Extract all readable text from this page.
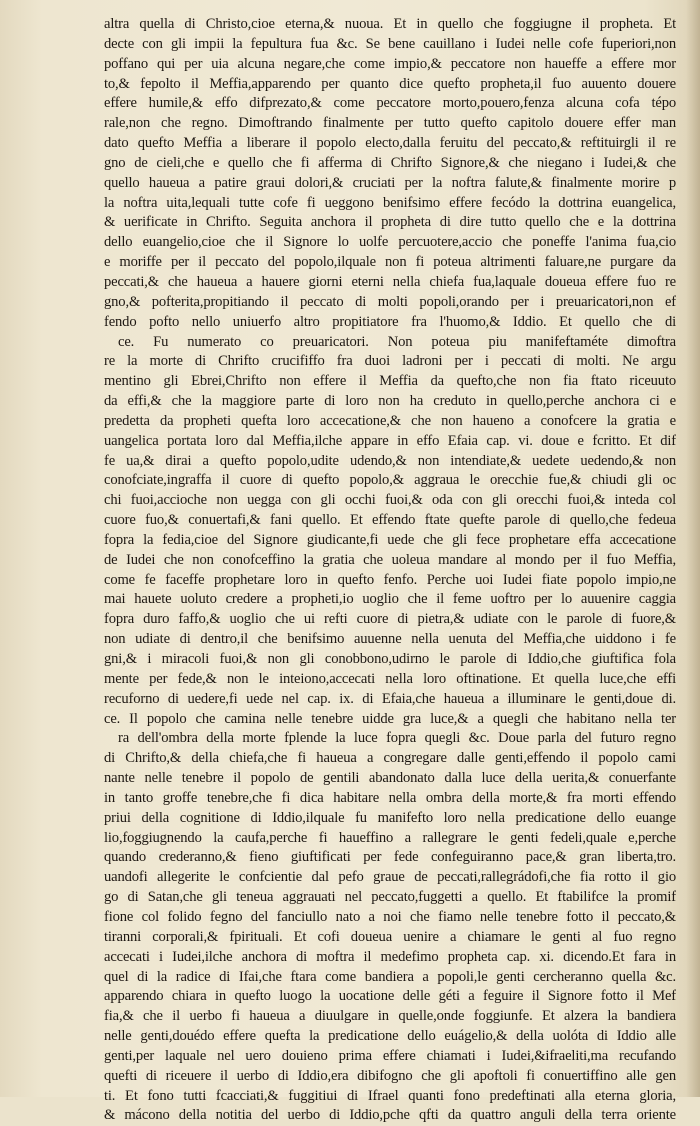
altra quella di Christo,cioe eterna,& nuoua. Et in quello che foggiugne il propheta. Et
decte con gli impii la fepultura fua &c. Se bene cauillano i Iudei nelle cofe fuperiori,non
poffano qui per uia alcuna negare,che come impio,& peccatore non haueffe a effere mor
to,& fepolto il Meffia,apparendo per quanto dice quefto propheta,il fuo auuento douere
effere humile,& effo difprezato,& come peccatore morto,pouero,fenza alcuna cofa tépo
rale,non che regno. Dimoftrando finalmente per tutto quefto capitolo douere effer man
dato quefto Meffia a liberare il popolo electo,dalla feruitu del peccato,& reftituirgli il re
gno de cieli,che e quello che fi afferma di Chrifto Signore,& che niegano i Iudei,& che
quello haueua a patire graui dolori,& cruciati per la noftra falute,& finalmente morire p
la noftra uita,lequali tutte cofe fi ueggono benifsimo effere fecódo la dottrina euangelica,
& uerificate in Chrifto. Seguita anchora il propheta di dire tutto quello che e la dottrina
dello euangelio,cioe che il Signore lo uolfe percuotere,accio che poneffe l'anima fua,cio
e moriffe per il peccato del popolo,ilquale non fi poteua altrimenti faluare,ne purgare da
peccati,& che haueua a hauere giorni eterni nella chiefa fua,laquale doueua effere fuo re
gno,& pofterita,propitiando il peccato di molti popoli,orando per i preuaricatori,non ef
fendo pofto nello uniuerfo altro propitiatore fra l'huomo,& Iddio. Et quello che di
ce. Fu numerato co preuaricatori. Non poteua piu manifeftaméte dimoftra
re la morte di Chrifto crucififfo fra duoi ladroni per i peccati di molti. Ne argu
mentino gli Ebrei,Chrifto non effere il Meffia da quefto,che non fia ftato riceuuto
da effi,& che la maggiore parte di loro non ha creduto in quello,perche anchora ci e
predetta da propheti quefta loro accecatione,& che non haueno a conofcere la gratia e
uangelica portata loro dal Meffia,ilche appare in effo Efaia cap. vi. doue e fcritto. Et dif
fe ua,& dirai a quefto popolo,udite udendo,& non intendiate,& uedete uedendo,& non
conofciate,ingraffa il cuore di quefto popolo,& aggraua le orecchie fue,& chiudi gli oc
chi fuoi,accioche non uegga con gli occhi fuoi,& oda con gli orecchi fuoi,& inteda col
cuore fuo,& conuertafi,& fani quello. Et effendo ftate quefte parole di quello,che fedeua
fopra la fedia,cioe del Signore giudicante,fi uede che gli fece prophetare effa accecatione
de Iudei che non conofceffino la gratia che uoleua mandare al mondo per il fuo Meffia,
come fe faceffe prophetare loro in quefto fenfo. Perche uoi Iudei fiate popolo impio,ne
mai hauete uoluto credere a propheti,io uoglio che il feme uoftro per lo auuenire caggia
fopra duro faffo,& uoglio che ui refti cuore di pietra,& udiate con le parole di fuore,&
non udiate di dentro,il che benifsimo auuenne nella uenuta del Meffia,che uiddono i fe
gni,& i miracoli fuoi,& non gli conobbono,udirno le parole di Iddio,che giuftifica fola
mente per fede,& non le inteiono,accecati nella loro oftinatione. Et quella luce,che effi
recuforno di uedere,fi uede nel cap. ix. di Efaia,che haueua a illuminare le genti,doue di.
ce. Il popolo che camina nelle tenebre uidde gra luce,& a quegli che habitano nella ter
ra dell'ombra della morte fplende la luce fopra quegli &c. Doue parla del futuro regno
di Chrifto,& della chiefa,che fi haueua a congregare dalle genti,effendo il popolo cami
nante nelle tenebre il popolo de gentili abandonato dalla luce della uerita,& conuerfante
in tanto groffe tenebre,che fi dica habitare nella ombra della morte,& fra morti effendo
priui della cognitione di Iddio,ilquale fu manifefto loro nella predicatione dello euange
lio,foggiugnendo la caufa,perche fi haueffino a rallegrare le genti fedeli,quale e,perche
quando crederanno,& fieno giuftificati per fede confeguiranno pace,& gran liberta,tro.
uandofi allegerite le confcientie dal pefo graue de peccati,rallegrádofi,che fia rotto il gio
go di Satan,che gli teneua aggrauati nel peccato,fuggetti a quello. Et ftabilifce la promif
fione col folido fegno del fanciullo nato a noi che fiamo nelle tenebre fotto il peccato,&
tiranni corporali,& fpirituali. Et cofi doueua uenire a chiamare le genti al fuo regno
accecati i Iudei,ilche anchora di moftra il medefimo propheta cap. xi. dicendo.Et fara in
quel di la radice di Ifai,che ftara come bandiera a popoli,le genti cercheranno quella &c.
apparendo chiara in quefto luogo la uocatione delle géti a feguire il Signore fotto il Mef
fia,& che il uerbo fi haueua a diuulgare in quelle,onde foggiunfe. Et alzera la bandiera
nelle genti,douédo effere quefta la predicatione dello euágelio,& della uolóta di Iddio alle
genti,per laquale nel uero douieno prima effere chiamati i Iudei,&ifraeliti,ma recufando
quefti di riceuere il uerbo di Iddio,era dibifogno che gli apoftoli fi conuertiffino alle gen
ti. Et fono tutti fcacciati,& fuggitiui di Ifrael quanti fono predeftinati alla eterna gloria,
& mácono della notitia del uerbo di Iddio,pche qfti da quattro anguli della terra oriente
